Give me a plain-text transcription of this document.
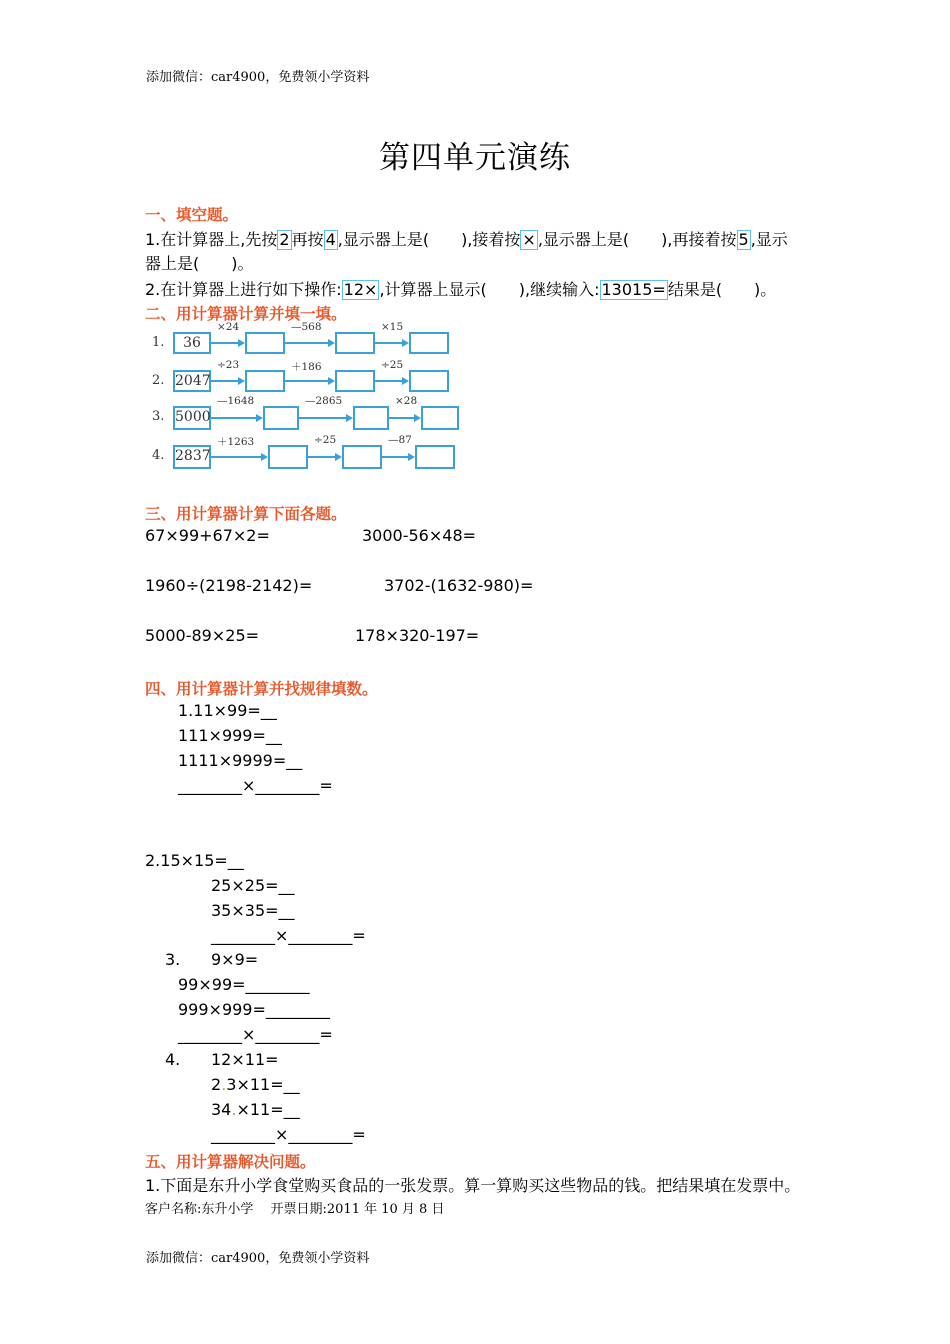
添加微信：car4900，免费领小学资料
第四单元演练
一、填空题。
1.在计算器上,先按 2 再按 4 ,显示器上是(　　),接着按 × ,显示器上是(　　),再接着按 5 ,显示
器上是(　　)。
2.在计算器上进行如下操作: 12× ,计算器上显示(　　),继续输入: 13015= 结果是(　　)。
二、用计算器计算并填一填。
1.	36
×24	—568	×15
2. 2047
÷23	＋186	÷25
3. 5000
—1648	—2865	×28
4. 2837
＋1263	÷25	—87
三、用计算器计算下面各题。
67×99+67×2=	3000-56×48=
1960÷(2198-2142)=	3702-(1632-980)=
5000-89×25=	178×320-197=
四、用计算器计算并找规律填数。
1.11×99=__
111×999=__
1111×9999=__
________×________=
2.15×15=__
25×25=__
35×35=__
________×________=
3. 9×9=
99×99=________
999×999=________
________×________=
4. 12×11=
2.3×11=__
34.×11=__
________×________=
五、用计算器解决问题。
1.下面是东升小学食堂购买食品的一张发票。算一算购买这些物品的钱。把结果填在发票中。
客户名称:东升小学　 开票日期:2011 年 10 月 8 日
添加微信：car4900，免费领小学资料
